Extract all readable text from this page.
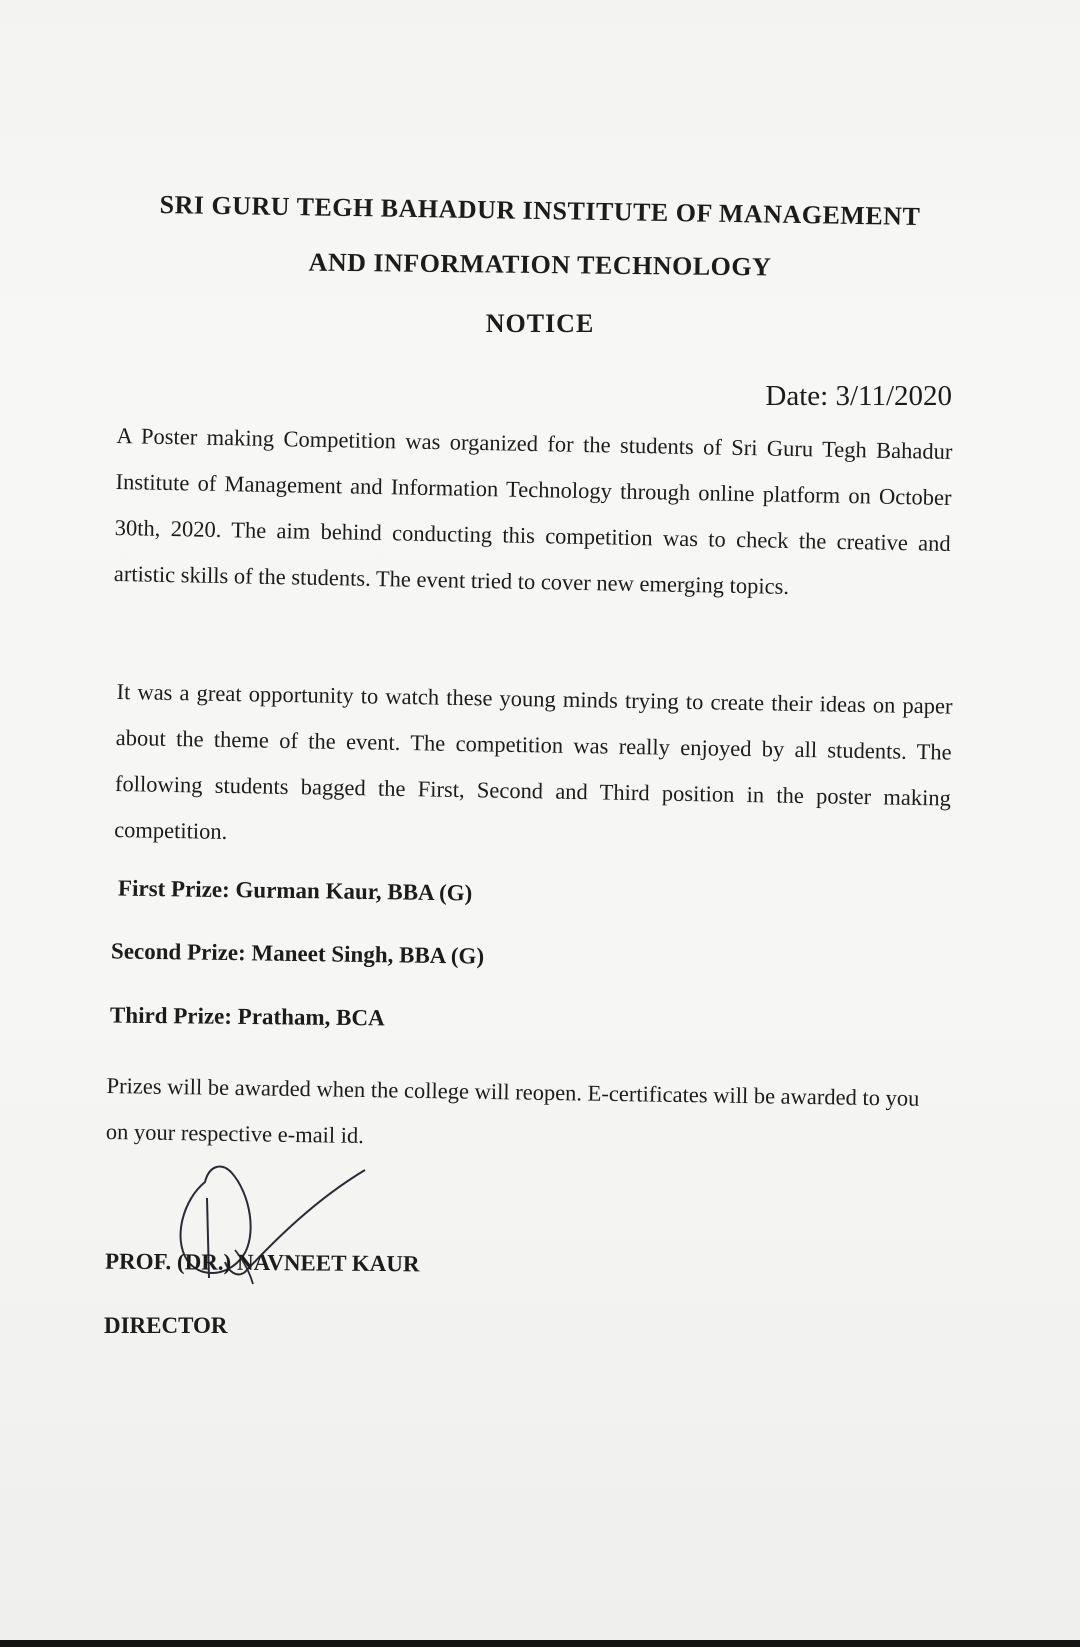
SRI GURU TEGH BAHADUR INSTITUTE OF MANAGEMENT
AND INFORMATION TECHNOLOGY
NOTICE
Date: 3/11/2020
A Poster making Competition was organized for the students of Sri Guru Tegh Bahadur Institute of Management and Information Technology through online platform on October 30th, 2020. The aim behind conducting this competition was to check the creative and artistic skills of the students. The event tried to cover new emerging topics.
It was a great opportunity to watch these young minds trying to create their ideas on paper about the theme of the event. The competition was really enjoyed by all students. The following students bagged the First, Second and Third position in the poster making competition.
First Prize: Gurman Kaur, BBA (G)
Second Prize: Maneet Singh, BBA (G)
Third Prize: Pratham, BCA
Prizes will be awarded when the college will reopen. E-certificates will be awarded to you on your respective e-mail id.
PROF. (DR.) NAVNEET KAUR
DIRECTOR
